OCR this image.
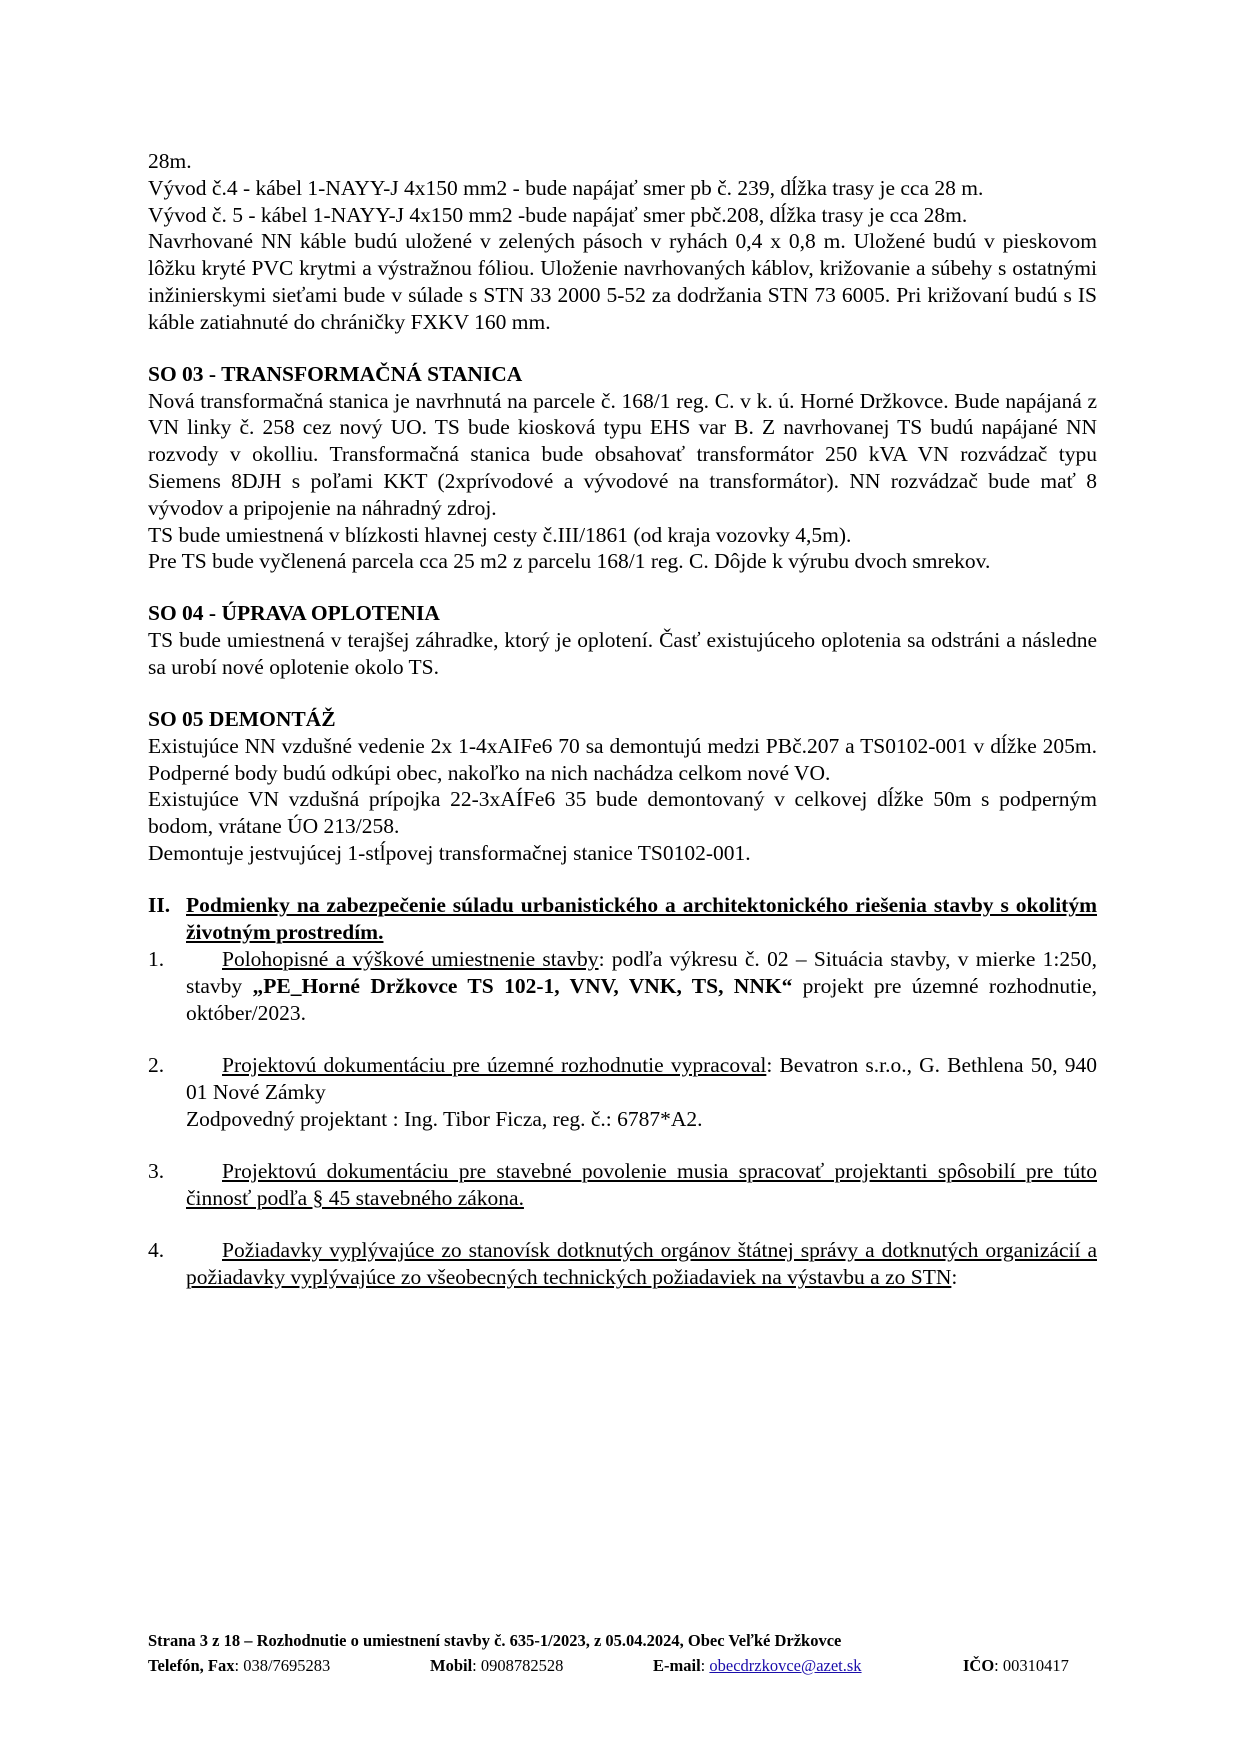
28m.

Vývod č.4 - kábel 1-NAYY-J 4x150 mm2 - bude napájať smer pb č. 239, dĺžka trasy je cca 28 m.

Vývod č. 5 - kábel 1-NAYY-J 4x150 mm2 -bude napájať smer pbč.208, dĺžka trasy je cca 28m.

Navrhované NN káble budú uložené v zelených pásoch v ryhách 0,4 x 0,8 m. Uložené budú v pieskovom lôžku kryté PVC krytmi a výstražnou fóliou. Uloženie navrhovaných káblov, križovanie a súbehy s ostatnými inžinierskymi sieťami bude v súlade s STN 33 2000 5-52 za dodržania STN 73 6005. Pri križovaní budú s IS káble zatiahnuté do chráničky FXKV 160 mm.

SO 03 - TRANSFORMAČNÁ STANICA

Nová transformačná stanica je navrhnutá na parcele č. 168/1 reg. C. v k. ú. Horné Držkovce. Bude napájaná z VN linky č. 258 cez nový UO. TS bude kiosková typu EHS var B. Z navrhovanej TS budú napájané NN rozvody v okolliu. Transformačná stanica bude obsahovať transformátor 250 kVA VN rozvádzač typu Siemens 8DJH s poľami KKT (2xprívodové a vývodové na transformátor). NN rozvádzač bude mať 8 vývodov a pripojenie na náhradný zdroj.

TS bude umiestnená v blízkosti hlavnej cesty č.III/1861 (od kraja vozovky 4,5m).

Pre TS bude vyčlenená parcela cca 25 m2 z parcelu 168/1 reg. C. Dôjde k výrubu dvoch smrekov.

SO 04 - ÚPRAVA OPLOTENIA

TS bude umiestnená v terajšej záhradke, ktorý je oplotení. Časť existujúceho oplotenia sa odstráni a následne sa urobí nové oplotenie okolo TS.

SO 05 DEMONTÁŽ

Existujúce NN vzdušné vedenie 2x 1-4xAIFe6 70 sa demontujú medzi PBč.207 a TS0102-001 v dĺžke 205m. Podperné body budú odkúpi obec, nakoľko na nich nachádza celkom nové VO.

Existujúce VN vzdušná prípojka 22-3xAÍFe6 35 bude demontovaný v celkovej dĺžke 50m s podperným bodom, vrátane ÚO 213/258.

Demontuje jestvujúcej 1-stĺpovej transformačnej stanice TS0102-001.

II. Podmienky na zabezpečenie súladu urbanistického a architektonického riešenia stavby s okolitým životným prostredím.
1.	Polohopisné a výškové umiestnenie stavby: podľa výkresu č. 02 – Situácia stavby, v mierke 1:250, stavby „PE_Horné Držkovce TS 102-1, VNV, VNK, TS, NNK“ projekt pre územné rozhodnutie, október/2023.
2.	Projektovú dokumentáciu pre územné rozhodnutie vypracoval: Bevatron s.r.o., G. Bethlena 50, 940 01 Nové Zámky
Zodpovedný projektant : Ing. Tibor Ficza, reg. č.: 6787*A2.
3.	Projektovú dokumentáciu pre stavebné povolenie musia spracovať projektanti spôsobilí pre túto činnosť podľa § 45 stavebného zákona.
4.	Požiadavky vyplývajúce zo stanovísk dotknutých orgánov štátnej správy a dotknutých organizácií a požiadavky vyplývajúce zo všeobecných technických požiadaviek na výstavbu a zo STN:
Strana 3 z 18 – Rozhodnutie o umiestnení stavby č. 635-1/2023, z 05.04.2024, Obec Veľké Držkovce
Telefón, Fax: 038/7695283	Mobil: 0908782528	E-mail: obecdrzkovce@azet.sk	IČO: 00310417
